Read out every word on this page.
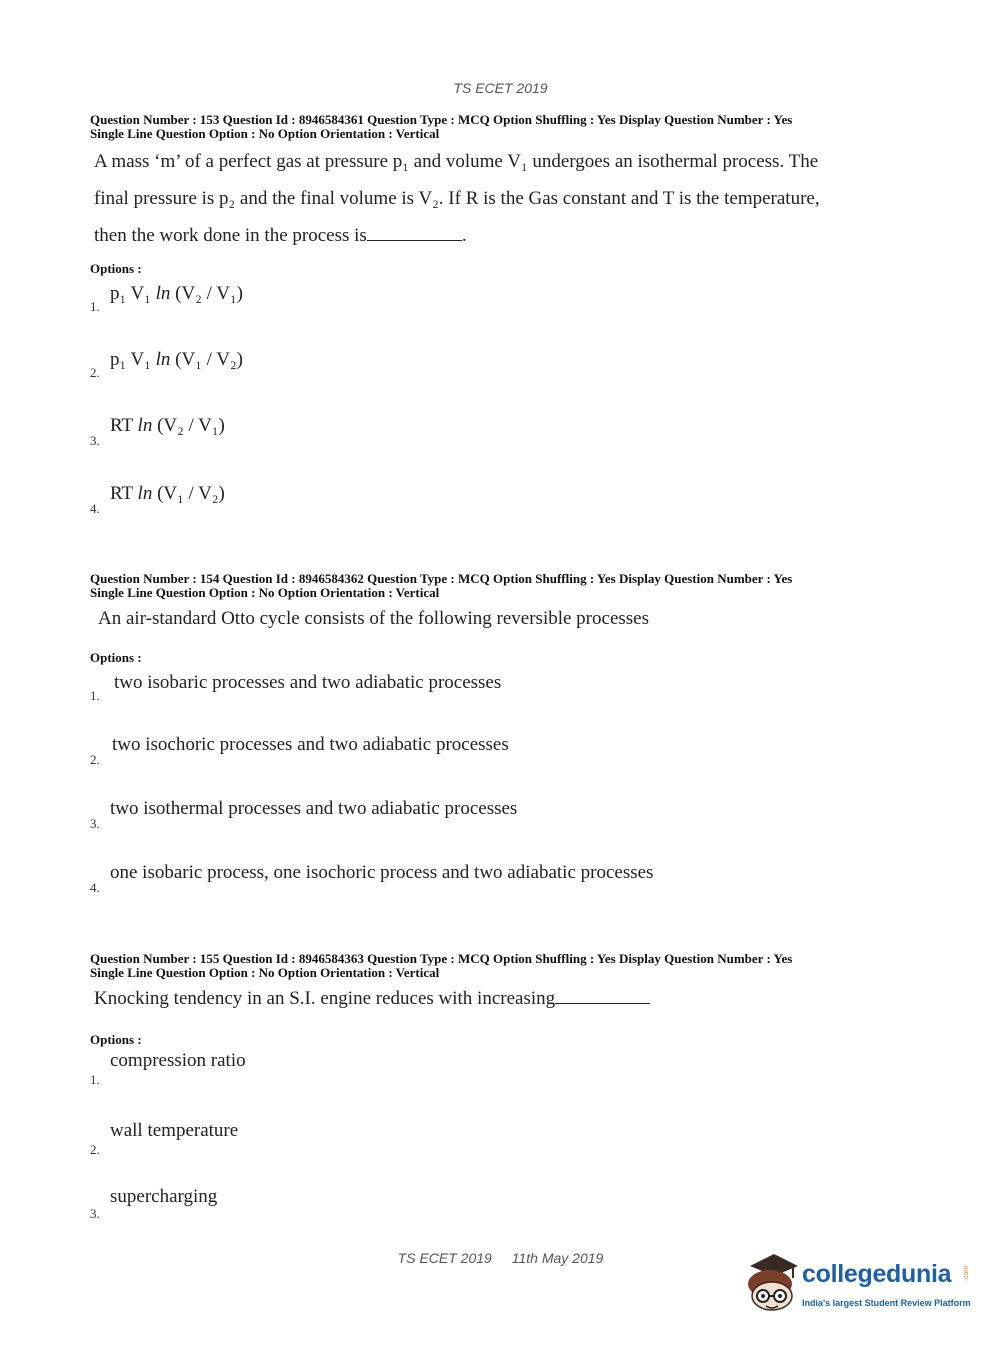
TS ECET 2019
Question Number : 153 Question Id : 8946584361 Question Type : MCQ Option Shuffling : Yes Display Question Number : Yes
Single Line Question Option : No Option Orientation : Vertical
A mass ‘m’ of a perfect gas at pressure p₁ and volume V₁ undergoes an isothermal process. The
final pressure is p₂ and the final volume is V₂. If R is the Gas constant and T is the temperature,
then the work done in the process is	.
Options :
1.
p₁ V₁ ln (V₂ / V₁)
2.
p₁ V₁ ln (V₁ / V₂)
3.
RT ln (V₂ / V₁)
4.
RT ln (V₁ / V₂)
Question Number : 154 Question Id : 8946584362 Question Type : MCQ Option Shuffling : Yes Display Question Number : Yes
Single Line Question Option : No Option Orientation : Vertical
An air-standard Otto cycle consists of the following reversible processes
Options :
1.
two isobaric processes and two adiabatic processes
2.
two isochoric processes and two adiabatic processes
3.
two isothermal processes and two adiabatic processes
4.
one isobaric process, one isochoric process and two adiabatic processes
Question Number : 155 Question Id : 8946584363 Question Type : MCQ Option Shuffling : Yes Display Question Number : Yes
Single Line Question Option : No Option Orientation : Vertical
Knocking tendency in an S.I. engine reduces with increasing
Options :
1.
compression ratio
2.
wall temperature
3.
supercharging
TS ECET 2019 11th May 2019
collegedunia .com
India's largest Student Review Platform
